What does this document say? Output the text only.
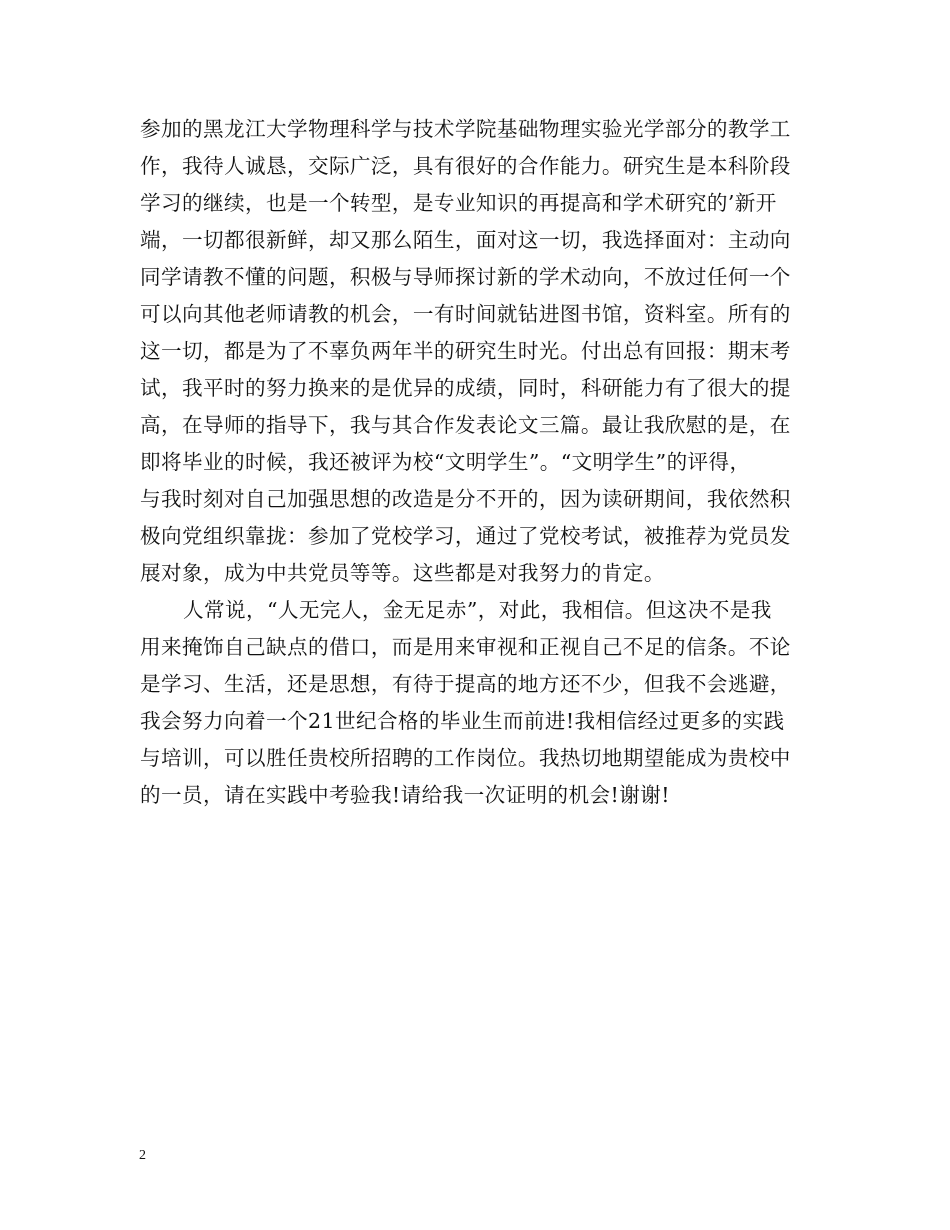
参加的黑龙江大学物理科学与技术学院基础物理实验光学部分的教学工
作，我待人诚恳，交际广泛，具有很好的合作能力。研究生是本科阶段
学习的继续，也是一个转型，是专业知识的再提高和学术研究的’新开
端，一切都很新鲜，却又那么陌生，面对这一切，我选择面对：主动向
同学请教不懂的问题，积极与导师探讨新的学术动向，不放过任何一个
可以向其他老师请教的机会，一有时间就钻进图书馆，资料室。所有的
这一切，都是为了不辜负两年半的研究生时光。付出总有回报：期末考
试，我平时的努力换来的是优异的成绩，同时，科研能力有了很大的提
高，在导师的指导下，我与其合作发表论文三篇。最让我欣慰的是，在
即将毕业的时候，我还被评为校“文明学生”。“文明学生”的评得，
与我时刻对自己加强思想的改造是分不开的，因为读研期间，我依然积
极向党组织靠拢：参加了党校学习，通过了党校考试，被推荐为党员发
展对象，成为中共党员等等。这些都是对我努力的肯定。
人常说，“人无完人，金无足赤”，对此，我相信。但这决不是我
用来掩饰自己缺点的借口，而是用来审视和正视自己不足的信条。不论
是学习、生活，还是思想，有待于提高的地方还不少，但我不会逃避，
我会努力向着一个21世纪合格的毕业生而前进!我相信经过更多的实践
与培训，可以胜任贵校所招聘的工作岗位。我热切地期望能成为贵校中
的一员，请在实践中考验我!请给我一次证明的机会!谢谢!
2
